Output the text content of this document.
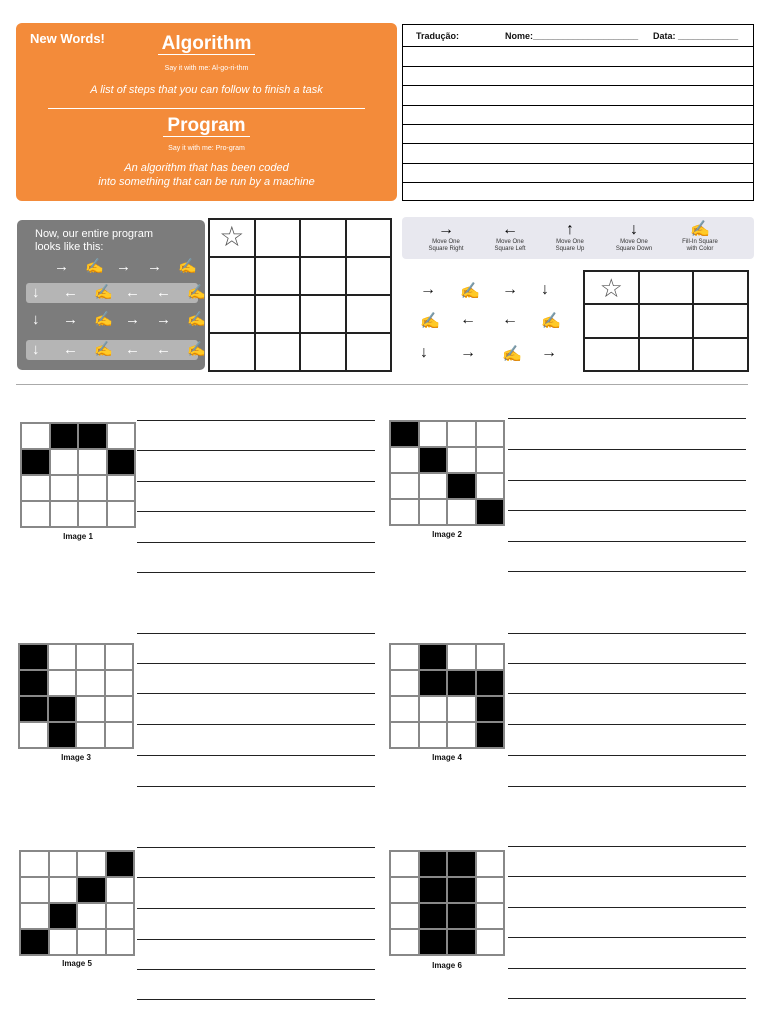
New Words!	Algorithm
Say it with me: Al-go-ri-thm
A list of steps that you can follow to finish a task
Program
Say it with me: Pro-gram
An algorithm that has been coded
into something that can be run by a machine
Tradução:	Nome:_____________________ Data: ____________
Now, our entire program
looks like this:
→ ✍ → → ✍
↓ ← ✍ ← ← ✍
↓ → ✍ → → ✍
↓ ← ✍ ← ← ✍
☆	→
Move One
Square Right
←
Move One
Square Left
↑
Move One
Square Up
↓
Move One
Square Down
✍
Fill-In Square
with Color
→ ✍ → ↓
✍ ← ← ✍
↓ → ✍ →
☆
Image 1	Image 2
Image 3	Image 4
Image 5	Image 6
